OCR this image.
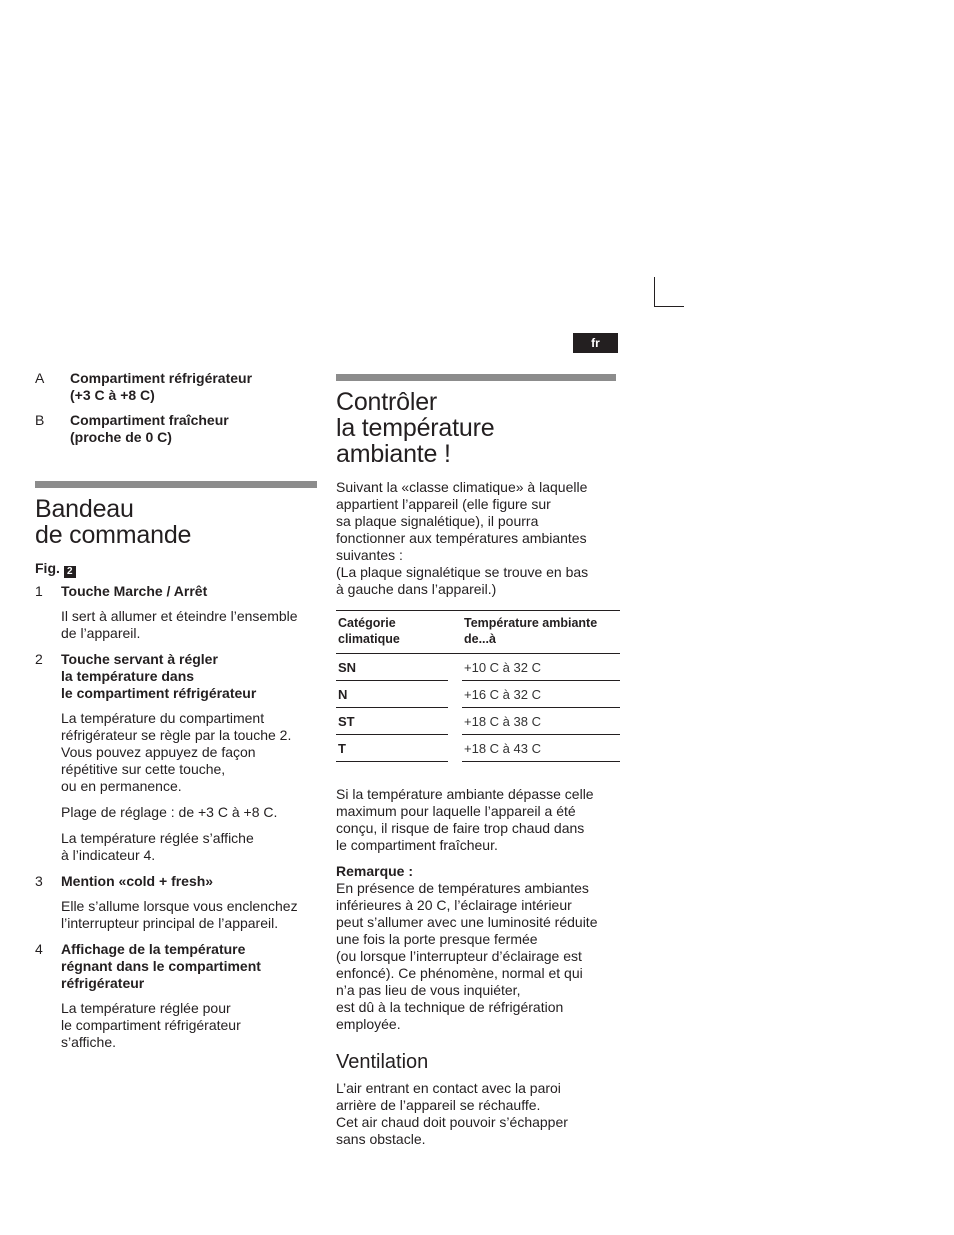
fr
A	Compartiment réfrigérateur
(+3 C à +8 C)
B	Compartiment fraîcheur
(proche de 0 C)
Bandeau
de commande
Fig. 2
1	Touche Marche / Arrêt
Il sert à allumer et éteindre l’ensemble
de l’appareil.
2	Touche servant à régler
la température dans
le compartiment réfrigérateur
La température du compartiment
réfrigérateur se règle par la touche 2.
Vous pouvez appuyez de façon
répétitive sur cette touche,
ou en permanence.
Plage de réglage : de +3 C à +8 C.
La température réglée s’affiche
à l’indicateur 4.
3	Mention «cold + fresh»
Elle s’allume lorsque vous enclenchez
l’interrupteur principal de l’appareil.
4	Affichage de la température
régnant dans le compartiment
réfrigérateur
La température réglée pour
le compartiment réfrigérateur
s’affiche.
Contrôler
la température
ambiante !

Suivant la «classe climatique» à laquelle
appartient l’appareil (elle figure sur
sa plaque signalétique), il pourra
fonctionner aux températures ambiantes
suivantes :
(La plaque signalétique se trouve en bas
à gauche dans l’appareil.)

Catégorie
climatique		Température ambiante
de...à
SN		+10 C à 32 C
N		+16 C à 32 C
ST		+18 C à 38 C
T		+18 C à 43 C

Si la température ambiante dépasse celle
maximum pour laquelle l’appareil a été
conçu, il risque de faire trop chaud dans
le compartiment fraîcheur.

Remarque :

En présence de températures ambiantes
inférieures à 20 C, l’éclairage intérieur
peut s’allumer avec une luminosité réduite
une fois la porte presque fermée
(ou lorsque l’interrupteur d’éclairage est
enfoncé). Ce phénomène, normal et qui
n’a pas lieu de vous inquiéter,
est dû à la technique de réfrigération
employée.

Ventilation

L’air entrant en contact avec la paroi
arrière de l’appareil se réchauffe.
Cet air chaud doit pouvoir s’échapper
sans obstacle.
